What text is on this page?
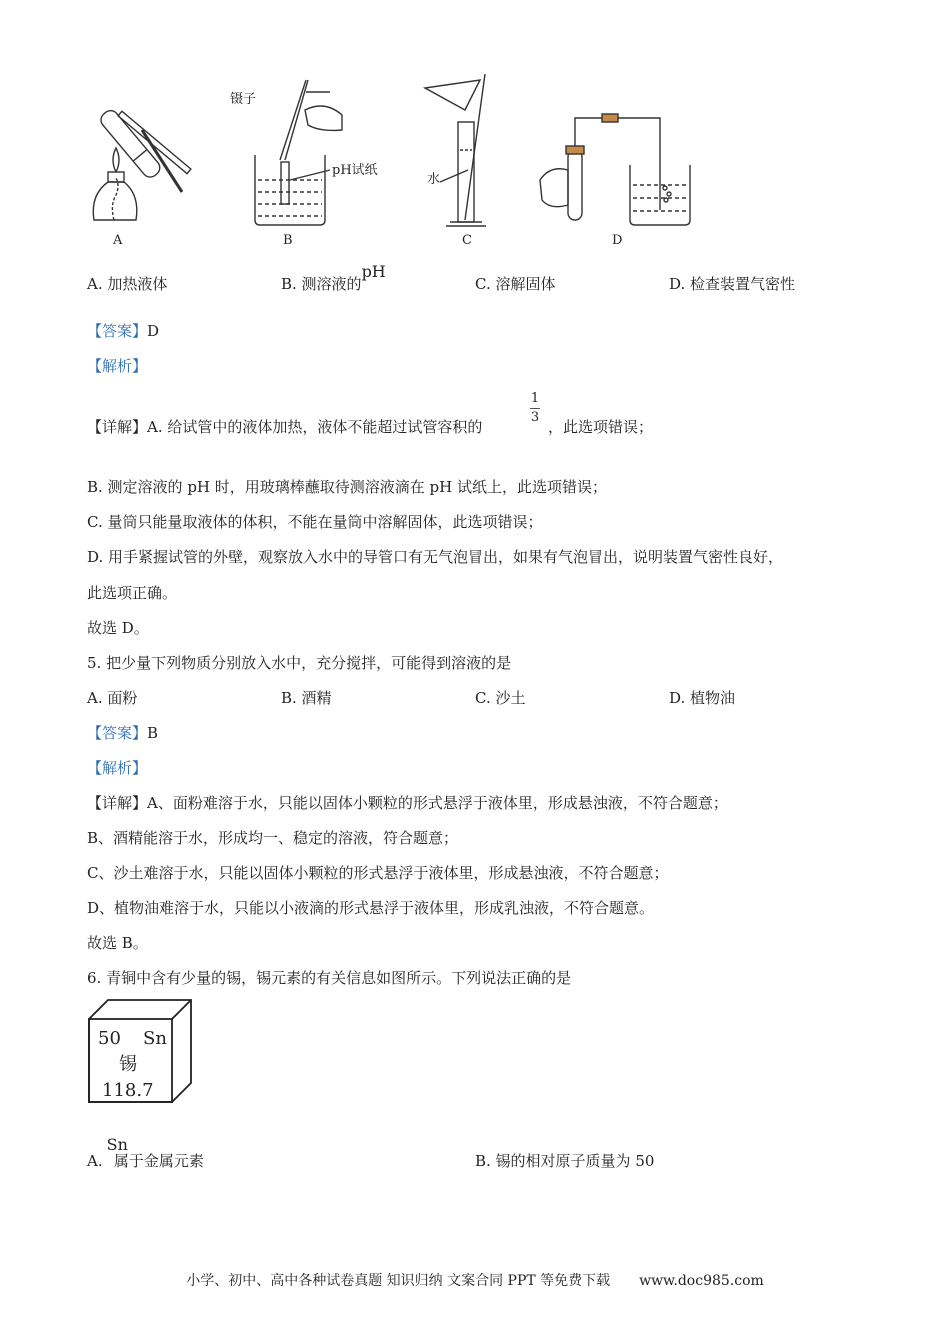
A
镊子
pH试纸
B
水
C	D
A. 加热液体	B. 测溶液的pH
C. 溶解固体	D. 检查装置气密性
【答案】D
【解析】
【详解】A. 给试管中的液体加热，液体不能超过试管容积的
1
3
，此选项错误；
B. 测定溶液的 pH 时，用玻璃棒蘸取待测溶液滴在 pH 试纸上，此选项错误；
C. 量筒只能量取液体的体积，不能在量筒中溶解固体，此选项错误；
D. 用手紧握试管的外壁，观察放入水中的导管口有无气泡冒出，如果有气泡冒出，说明装置气密性良好，
此选项正确。
故选 D。
5. 把少量下列物质分别放入水中，充分搅拌，可能得到溶液的是
A. 面粉	B. 酒精	C. 沙土	D. 植物油
【答案】B
【解析】
【详解】A、面粉难溶于水，只能以固体小颗粒的形式悬浮于液体里，形成悬浊液，不符合题意；
B、酒精能溶于水，形成均一、稳定的溶液，符合题意；
C、沙土难溶于水，只能以固体小颗粒的形式悬浮于液体里，形成悬浊液，不符合题意；
D、植物油难溶于水，只能以小液滴的形式悬浮于液体里，形成乳浊液，不符合题意。
故选 B。
6. 青铜中含有少量的锡，锡元素的有关信息如图所示。下列说法正确的是
50 Sn
锡
118.7
A.Sn属于金属元素	B. 锡的相对原子质量为 50
小学、初中、高中各种试卷真题 知识归纳 文案合同 PPT 等免费下载 www.doc985.com
